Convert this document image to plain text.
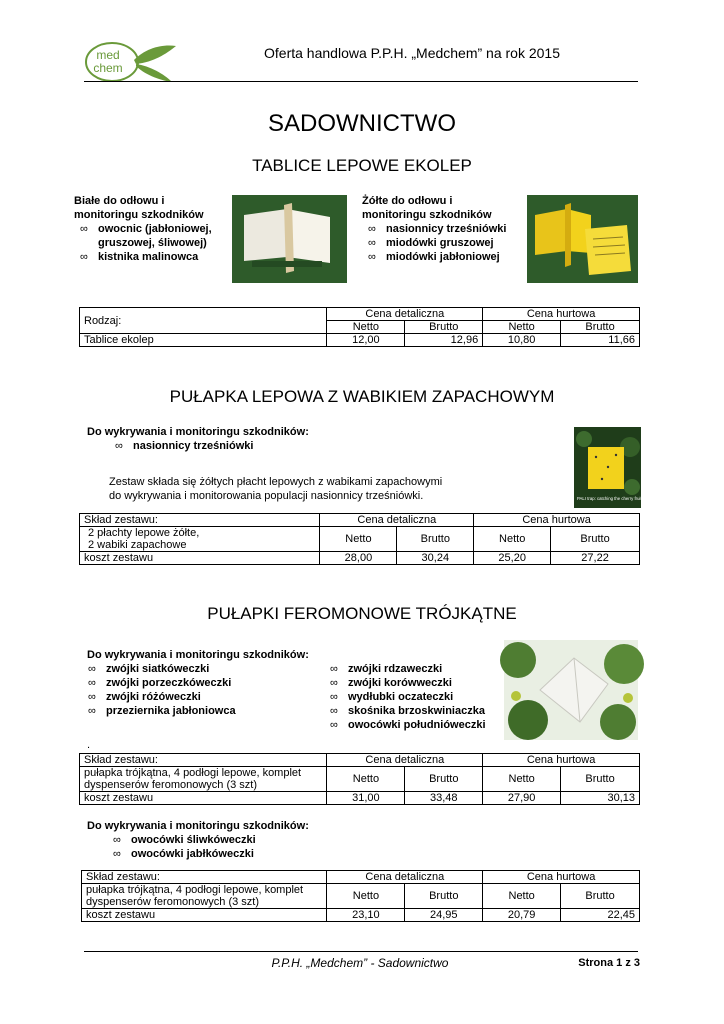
med
chem
Oferta handlowa P.P.H. „Medchem” na rok 2015
SADOWNICTWO
TABLICE LEPOWE EKOLEP
Białe do odłowu i
monitoringu szkodników
∞ owocnic (jabłoniowej,
gruszowej, śliwowej)
∞ kistnika malinowca
Żółte do odłowu i
monitoringu szkodników
∞ nasionnicy trześniówki
∞ miodówki gruszowej
∞ miodówki jabłoniowej
Rodzaj:	Cena detaliczna		Cena hurtowa	
	Netto	Brutto	Netto	Brutto
Tablice ekolep	12,00	12,96	10,80	11,66
PUŁAPKA LEPOWA Z WABIKIEM ZAPACHOWYM
Do wykrywania i monitoringu szkodników:
∞ nasionnicy trześniówki
Zestaw składa się żółtych płacht lepowych z wabikami zapachowymi
do wykrywania i monitorowania populacji nasionnicy trześniówki.	PALI trap: catching the cherry fruit fly R. cerasi
Skład zestawu:	Cena detaliczna		Cena hurtowa	

2 płachty lepowe żółte,
2 wabiki zapachowe	Netto	Brutto	Netto	Brutto
koszt zestawu	28,00	30,24	25,20	27,22
PUŁAPKI FEROMONOWE TRÓJKĄTNE
Do wykrywania i monitoringu szkodników:
∞ zwójki siatkóweczki
∞ zwójki porzeczkóweczki
∞ zwójki różóweczki
∞ przeziernika jabłoniowca
∞ zwójki rdzaweczki
∞ zwójki korówweczki
∞ wydłubki oczateczki
∞ skośnika brzoskwiniaczka
∞ owocówki południóweczki
.
Skład zestawu:	Cena detaliczna		Cena hurtowa	

pułapka trójkątna, 4 podłogi lepowe, komplet
dyspenserów feromonowych (3 szt)	Netto	Brutto	Netto	Brutto
koszt zestawu	31,00	33,48	27,90	30,13
Do wykrywania i monitoringu szkodników:
∞ owocówki śliwkóweczki
∞ owocówki jabłkóweczki
Skład zestawu:	Cena detaliczna		Cena hurtowa	

pułapka trójkątna, 4 podłogi lepowe, komplet
dyspenserów feromonowych (3 szt)	Netto	Brutto	Netto	Brutto
koszt zestawu	23,10	24,95	20,79	22,45
P.P.H. „Medchem” - Sadownictwo	Strona 1 z 3
